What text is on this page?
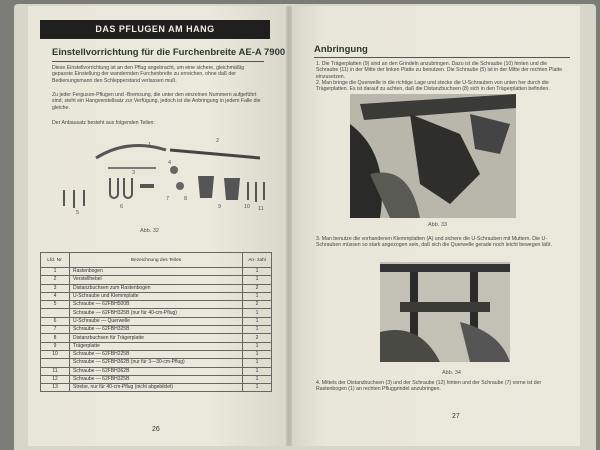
DAS PFLUGEN AM HANG
Einstellvorrichtung für die Furchenbreite AE-A 7900
Diese Einstellvorrichtung ist an den Pflug angebracht, um eine sichere, gleichmäßig gepasste Einstellung der wandernden Furchenbreite zu erreichen, ohne daß der Bedienungsmann den Schlepperstand verlassen muß.
Zu jeder Ferguson-Pflugen und -Bremsung, die unter den einzelnen Nummern aufgeführt sind, steht ein Hangverstellsatz zur Verfügung, jedoch ist die Anbringung in jedem Falle die gleiche.
Der Anbausatz besteht aus folgenden Teilen:
1
2
3
4
5
6
7	8
9	10 11
Abb. 32
Lfd. Nr.	Bezeichnung des Teiles	An- zahl
1	Rastenbogen	1
2	Verstellhebel	1
3	Distanzbuchsen zum Rastenbogen	2
4	U-Schraube und Klemmplatte	1
5	Schraube — 62FBH500B	2
	Schraube — 62FBH325B (nur für 40-cm-Pflug)	1
6	U-Schraube — Querwelle	1
7	Schraube — 62FBH325B	1
8	Distanzbuchsen für Trägerplatte	2
9	Trägerplatte	1
10	Schraube — 62FBH225B	1
	Schraube — 62FBH362B (nur für 3—30-cm-Pflug)	1
11	Schraube — 62FBH362B	1
12	Schraube — 62FBH325B	1
13	Strebe, nur für 40-cm-Pflug (nicht abgebildet)	1
26
Anbringung
1. Die Trägerplatten (9) sind an den Grindeln anzubringen. Dazu ist die Schraube (10) hinten und die Schraube (11) in der Mitte der linken Platte zu benutzen. Die Schraube (5) ist in der Mitte der rechten Platte einzusetzen.
2. Man bringe die Querwelle in die richtige Lage und stecke die U-Schrauben von unten her durch die Trägerplatten. Es ist darauf zu achten, daß die Distanzbuchsen (8) sich in den Trägerplatten befinden.
Abb. 33
3. Man benutze die vorhandenen Klemmplatten (A) und sichere die U-Schrauben mit Muttern. Die U-Schrauben müssen so stark angezogen sein, daß sich die Querwelle gerade noch leicht bewegen läßt.
Abb. 34
4. Mittels der Distanzbuchsen (3) und der Schraube (12) hinten und der Schraube (7) vorne ist der Rastenbogen (1) an rechten Pfluggrindel anzubringen.
27
